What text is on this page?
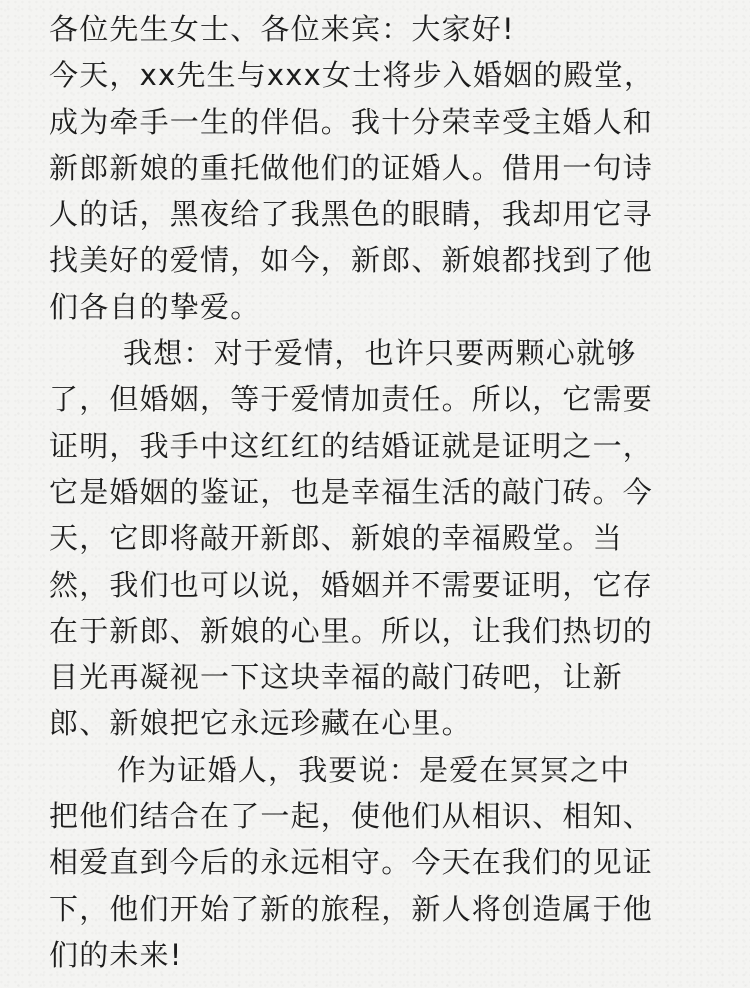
各位先生女士、各位来宾：大家好!
今天，xx先生与xxx女士将步入婚姻的殿堂，
成为牵手一生的伴侣。我十分荣幸受主婚人和
新郎新娘的重托做他们的证婚人。借用一句诗
人的话，黑夜给了我黑色的眼睛，我却用它寻
找美好的爱情，如今，新郎、新娘都找到了他
们各自的挚爱。
我想：对于爱情，也许只要两颗心就够
了，但婚姻，等于爱情加责任。所以，它需要
证明，我手中这红红的结婚证就是证明之一，
它是婚姻的鉴证，也是幸福生活的敲门砖。今
天，它即将敲开新郎、新娘的幸福殿堂。当
然，我们也可以说，婚姻并不需要证明，它存
在于新郎、新娘的心里。所以，让我们热切的
目光再凝视一下这块幸福的敲门砖吧，让新
郎、新娘把它永远珍藏在心里。
作为证婚人，我要说：是爱在冥冥之中
把他们结合在了一起，使他们从相识、相知、
相爱直到今后的永远相守。今天在我们的见证
下，他们开始了新的旅程，新人将创造属于他
们的未来!
